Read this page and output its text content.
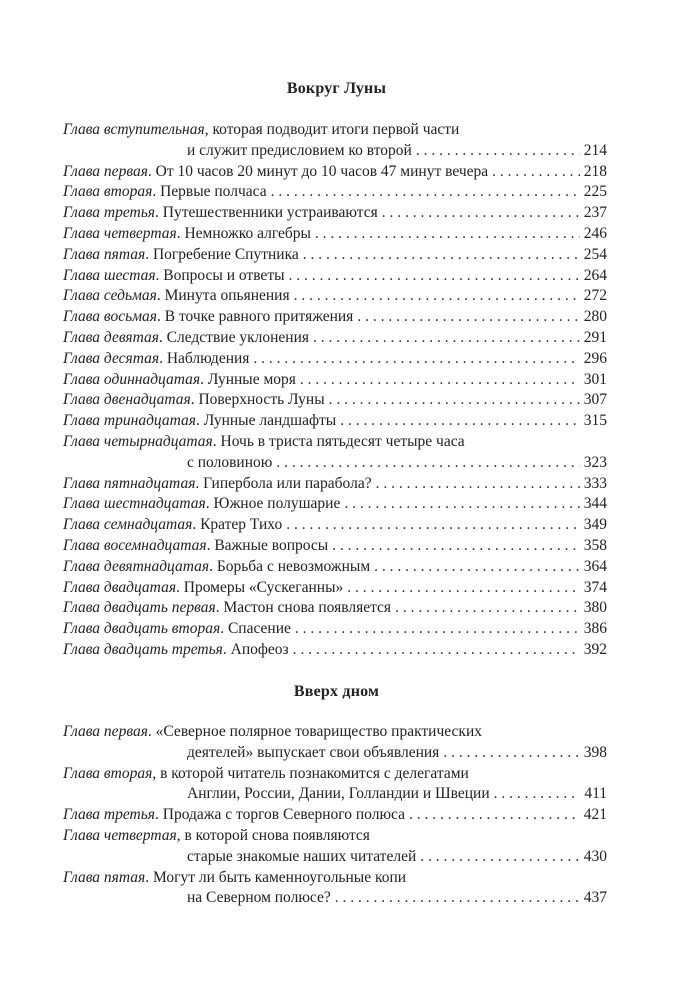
Вокруг Луны
Глава вступительная, которая подводит итоги первой части
и служит предисловием ко второй . . .	214
Глава первая. От 10 часов 20 минут до 10 часов 47 минут вечера . . .	218
Глава вторая. Первые полчаса . . .	225
Глава третья. Путешественники устраиваются . . .	237
Глава четвертая. Немножко алгебры . . .	246
Глава пятая. Погребение Спутника . . .	254
Глава шестая. Вопросы и ответы . . .	264
Глава седьмая. Минута опьянения . . .	272
Глава восьмая. В точке равного притяжения . . .	280
Глава девятая. Следствие уклонения . . .	291
Глава десятая. Наблюдения . . .	296
Глава одиннадцатая. Лунные моря . . .	301
Глава двенадцатая. Поверхность Луны . . .	307
Глава тринадцатая. Лунные ландшафты . . .	315
Глава четырнадцатая. Ночь в триста пятьдесят четыре часа
с половиною . . .	323
Глава пятнадцатая. Гипербола или парабола? . . .	333
Глава шестнадцатая. Южное полушарие . . .	344
Глава семнадцатая. Кратер Тихо . . .	349
Глава восемнадцатая. Важные вопросы . . .	358
Глава девятнадцатая. Борьба с невозможным . . .	364
Глава двадцатая. Промеры «Сускеганны» . . .	374
Глава двадцать первая. Мастон снова появляется . . .	380
Глава двадцать вторая. Спасение . . .	386
Глава двадцать третья. Апофеоз . . .	392
Вверх дном
Глава первая. «Северное полярное товарищество практических
деятелей» выпускает свои объявления . . .	398
Глава вторая, в которой читатель познакомится с делегатами
Англии, России, Дании, Голландии и Швеции . . .	411
Глава третья. Продажа с торгов Северного полюса . . .	421
Глава четвертая, в которой снова появляются
старые знакомые наших читателей . . .	430
Глава пятая. Могут ли быть каменноугольные копи
на Северном полюсе? . . .	437
